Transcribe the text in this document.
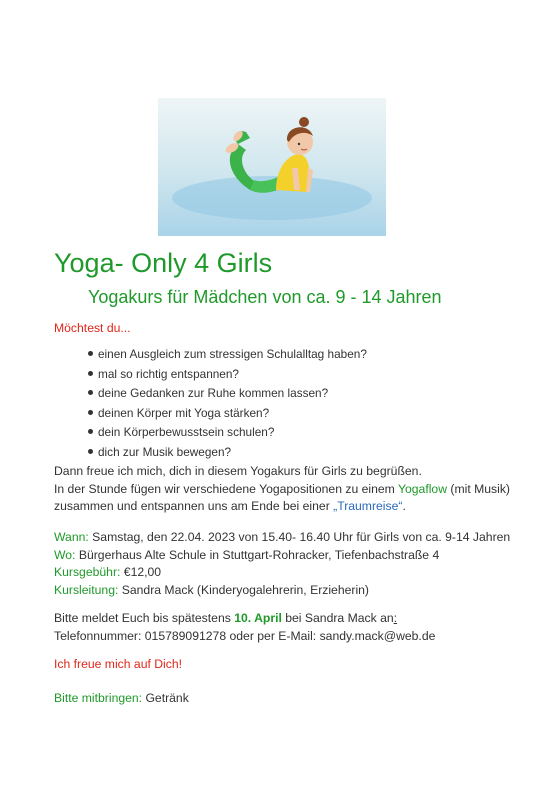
Yoga- Only 4 Girls
Yogakurs für Mädchen von ca. 9 - 14 Jahren
Möchtest du...
einen Ausgleich zum stressigen Schulalltag haben?
mal so richtig entspannen?
deine Gedanken zur Ruhe kommen lassen?
deinen Körper mit Yoga stärken?
dein Körperbewusstsein schulen?
dich zur Musik bewegen?
Dann freue ich mich, dich in diesem Yogakurs für Girls zu begrüßen.
In der Stunde fügen wir verschiedene Yogapositionen zu einem Yogaflow (mit Musik)
zusammen und entspannen uns am Ende bei einer „Traumreise“.
Wann: Samstag, den 22.04. 2023 von 15.40- 16.40 Uhr für Girls von ca. 9-14 Jahren
Wo: Bürgerhaus Alte Schule in Stuttgart-Rohracker, Tiefenbachstraße 4
Kursgebühr: €12,00
Kursleitung: Sandra Mack (Kinderyogalehrerin, Erzieherin)
Bitte meldet Euch bis spätestens 10. April bei Sandra Mack an:
Telefonnummer: 015789091278 oder per E-Mail: sandy.mack@web.de
Ich freue mich auf Dich!
Bitte mitbringen: Getränk
